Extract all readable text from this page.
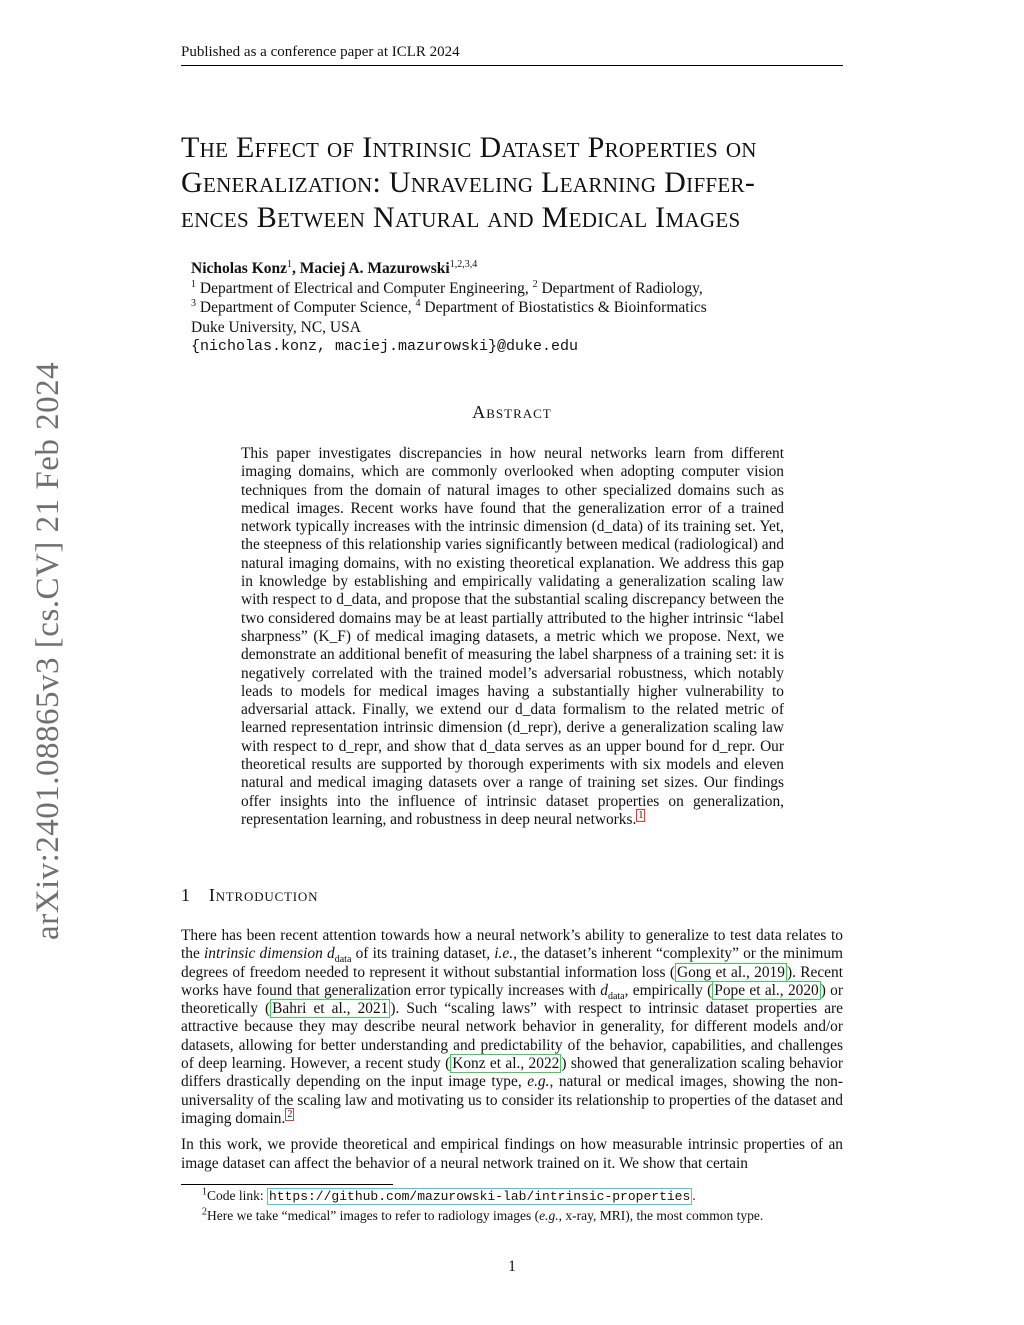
Published as a conference paper at ICLR 2024
arXiv:2401.08865v3 [cs.CV] 21 Feb 2024
The Effect of Intrinsic Dataset Properties on
Generalization: Unraveling Learning Differ-
ences Between Natural and Medical Images
Nicholas Konz$^1$, Maciej A. Mazurowski$^{1,2,3,4}$
$^1$ Department of Electrical and Computer Engineering, $^2$ Department of Radiology,
$^3$ Department of Computer Science, $^4$ Department of Biostatistics & Bioinformatics
Duke University, NC, USA
{nicholas.konz, maciej.mazurowski}@duke.edu
Abstract
This paper investigates discrepancies in how neural networks learn from different imaging domains, which are commonly overlooked when adopting computer vision techniques from the domain of natural images to other specialized domains such as medical images. Recent works have found that the generalization error of a trained network typically increases with the intrinsic dimension (d_data) of its training set. Yet, the steepness of this relationship varies significantly between medical (radiological) and natural imaging domains, with no existing theoretical explanation. We address this gap in knowledge by establishing and empirically validating a generalization scaling law with respect to d_data, and propose that the substantial scaling discrepancy between the two considered domains may be at least partially attributed to the higher intrinsic “label sharpness” (K_F) of medical imaging datasets, a metric which we propose. Next, we demonstrate an additional benefit of measuring the label sharpness of a training set: it is negatively correlated with the trained model’s adversarial robustness, which notably leads to models for medical images having a substantially higher vulnerability to adversarial attack. Finally, we extend our d_data formalism to the related metric of learned representation intrinsic dimension (d_repr), derive a generalization scaling law with respect to d_repr, and show that d_data serves as an upper bound for d_repr. Our theoretical results are supported by thorough experiments with six models and eleven natural and medical imaging datasets over a range of training set sizes. Our findings offer insights into the influence of intrinsic dataset properties on generalization, representation learning, and robustness in deep neural networks. $^1$
1 Introduction

There has been recent attention towards how a neural network’s ability to generalize to test data relates to the intrinsic dimension $d_{data}$ of its training dataset, i.e., the dataset’s inherent “complexity” or the minimum degrees of freedom needed to represent it without substantial information loss ( Gong et al., 2019 ). Recent works have found that generalization error typically increases with $d_{data}$, empirically ( Pope et al., 2020 ) or theoretically ( Bahri et al., 2021 ). Such “scaling laws” with respect to intrinsic dataset properties are attractive because they may describe neural network behavior in generality, for different models and/or datasets, allowing for better understanding and predictability of the behavior, capabilities, and challenges of deep learning. However, a recent study ( Konz et al., 2022 ) showed that generalization scaling behavior differs drastically depending on the input image type, e.g., natural or medical images, showing the non-universality of the scaling law and motivating us to consider its relationship to properties of the dataset and imaging domain. $^2$

In this work, we provide theoretical and empirical findings on how measurable intrinsic properties of an image dataset can affect the behavior of a neural network trained on it. We show that certain

$^1$Code link: https://github.com/mazurowski-lab/intrinsic-properties .
$^2$Here we take “medical” images to refer to radiology images (e.g., x-ray, MRI), the most common type.
1
